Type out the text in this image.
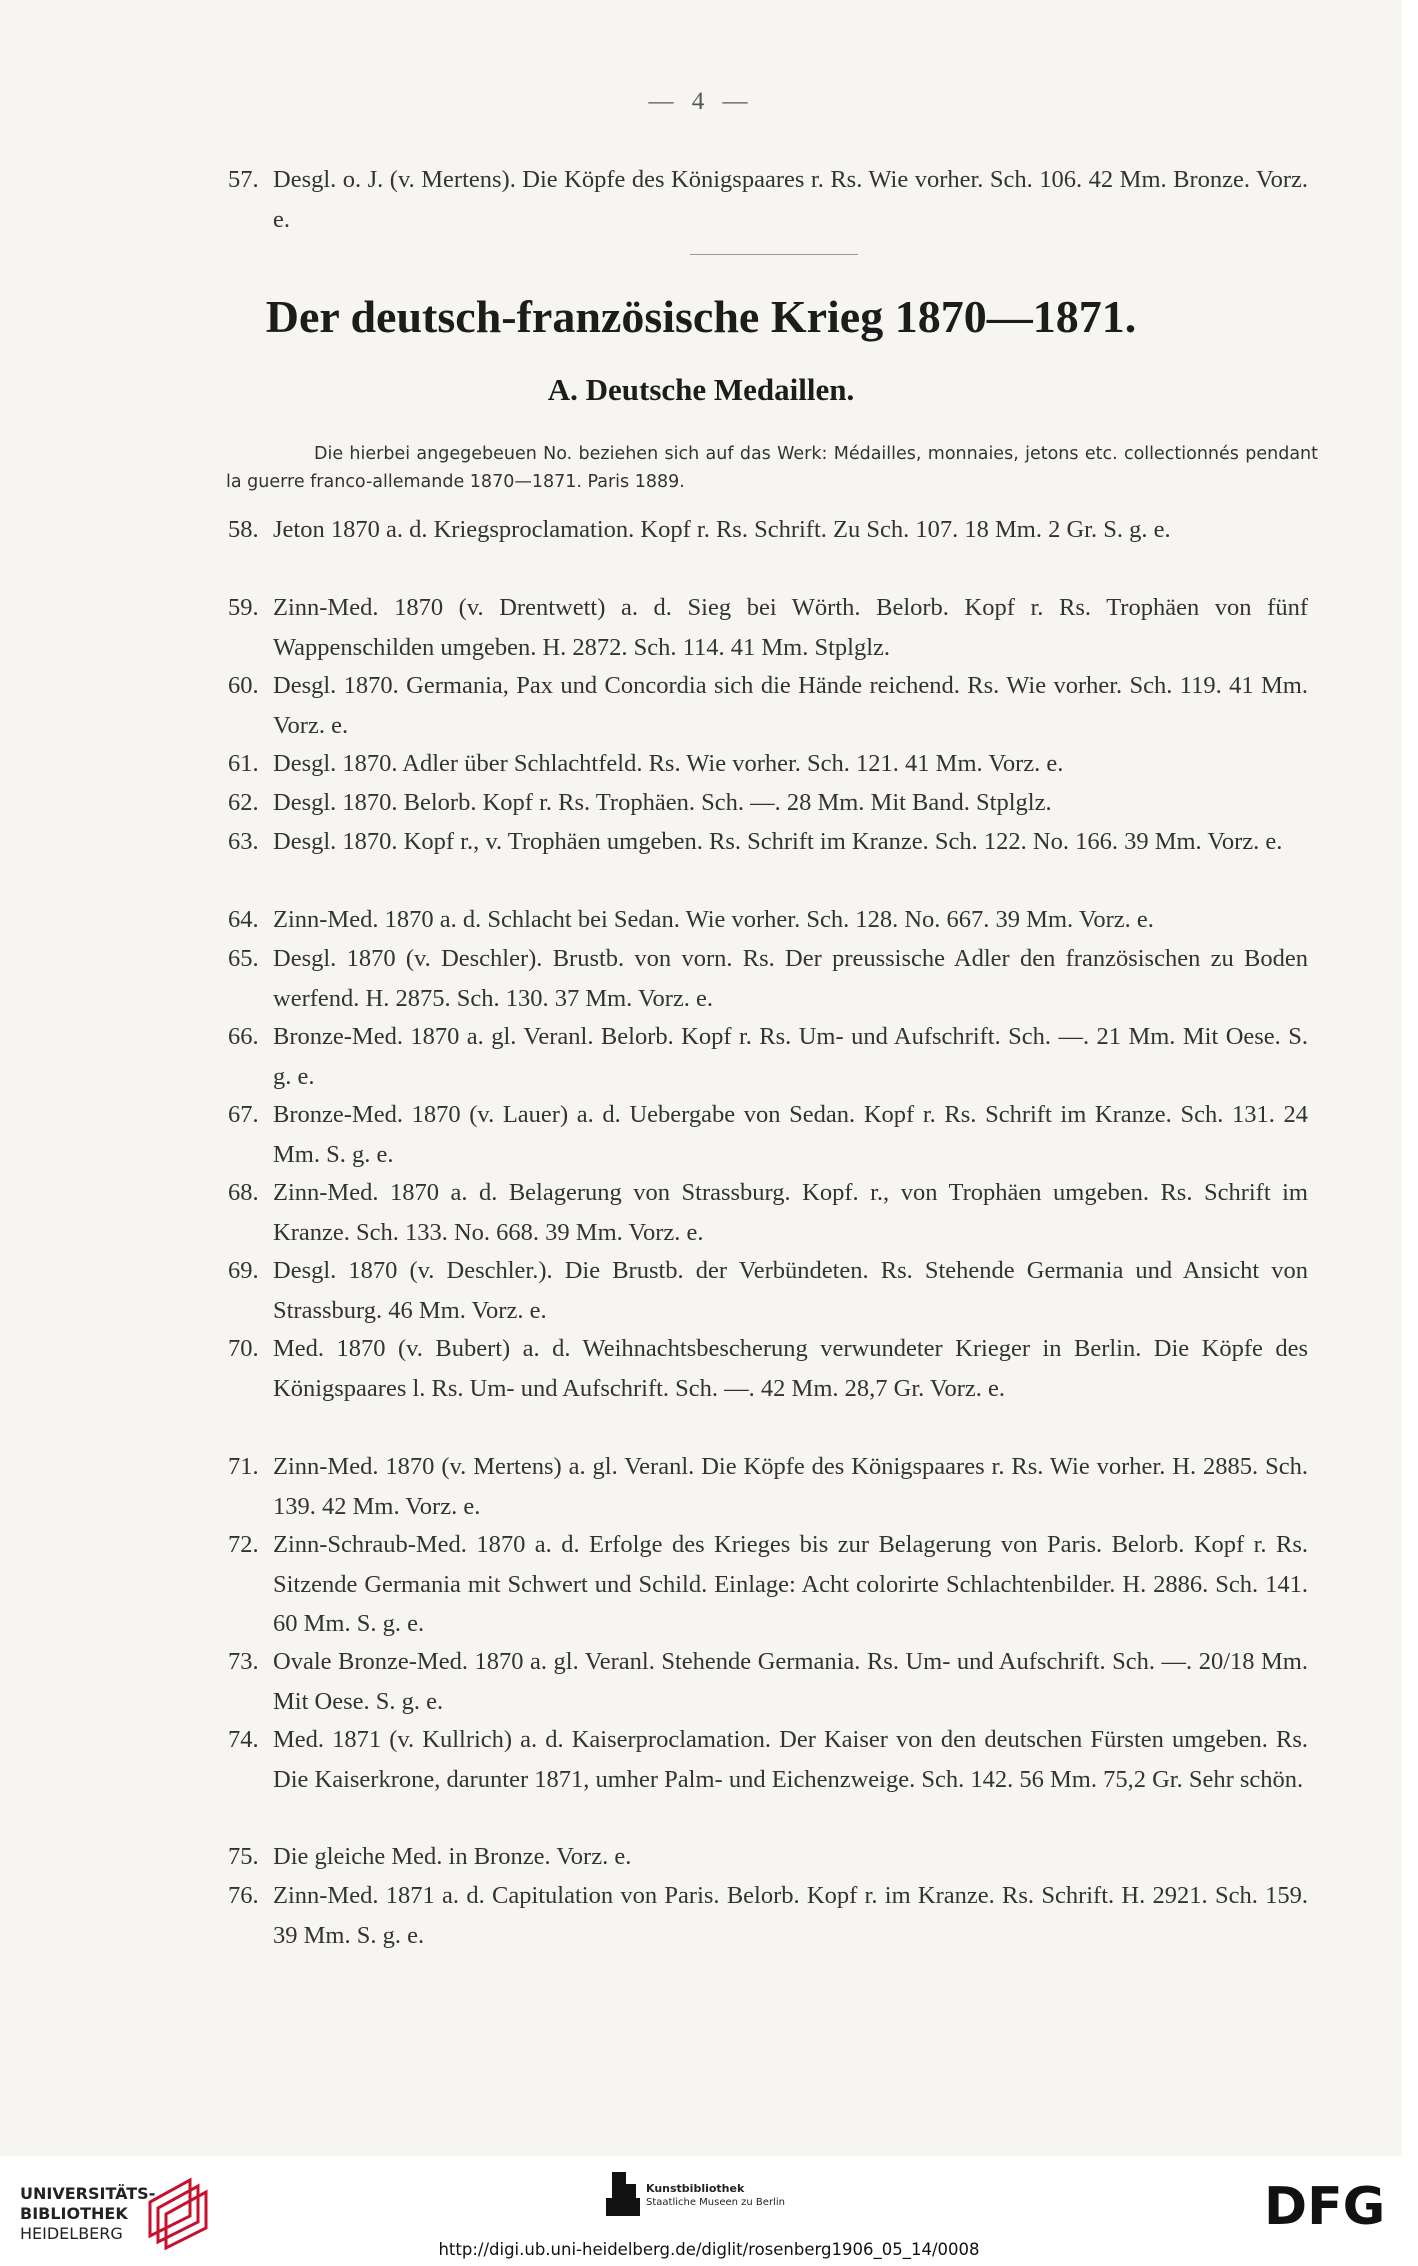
— 4 —
57. Desgl. o. J. (v. Mertens). Die Köpfe des Königspaares r. Rs. Wie vorher. Sch. 106. 42 Mm. Bronze. Vorz. e.
Der deutsch-französische Krieg 1870—1871.
A. Deutsche Medaillen.
Die hierbei angegebeuen No. beziehen sich auf das Werk: Médailles, monnaies, jetons etc. collectionnés pendant la guerre franco-allemande 1870—1871. Paris 1889.
58. Jeton 1870 a. d. Kriegsproclamation. Kopf r. Rs. Schrift. Zu Sch. 107. 18 Mm. 2 Gr. S. g. e.
59. Zinn-Med. 1870 (v. Drentwett) a. d. Sieg bei Wörth. Belorb. Kopf r. Rs. Trophäen von fünf Wappenschilden umgeben. H. 2872. Sch. 114. 41 Mm. Stplglz.
60. Desgl. 1870. Germania, Pax und Concordia sich die Hände reichend. Rs. Wie vorher. Sch. 119. 41 Mm. Vorz. e.
61. Desgl. 1870. Adler über Schlachtfeld. Rs. Wie vorher. Sch. 121. 41 Mm. Vorz. e.
62. Desgl. 1870. Belorb. Kopf r. Rs. Trophäen. Sch. —. 28 Mm. Mit Band. Stplglz.
63. Desgl. 1870. Kopf r., v. Trophäen umgeben. Rs. Schrift im Kranze. Sch. 122. No. 166. 39 Mm. Vorz. e.
64. Zinn-Med. 1870 a. d. Schlacht bei Sedan. Wie vorher. Sch. 128. No. 667. 39 Mm. Vorz. e.
65. Desgl. 1870 (v. Deschler). Brustb. von vorn. Rs. Der preussische Adler den französischen zu Boden werfend. H. 2875. Sch. 130. 37 Mm. Vorz. e.
66. Bronze-Med. 1870 a. gl. Veranl. Belorb. Kopf r. Rs. Um- und Aufschrift. Sch. —. 21 Mm. Mit Oese. S. g. e.
67. Bronze-Med. 1870 (v. Lauer) a. d. Uebergabe von Sedan. Kopf r. Rs. Schrift im Kranze. Sch. 131. 24 Mm. S. g. e.
68. Zinn-Med. 1870 a. d. Belagerung von Strassburg. Kopf. r., von Trophäen umgeben. Rs. Schrift im Kranze. Sch. 133. No. 668. 39 Mm. Vorz. e.
69. Desgl. 1870 (v. Deschler.). Die Brustb. der Verbündeten. Rs. Stehende Germania und Ansicht von Strassburg. 46 Mm. Vorz. e.
70. Med. 1870 (v. Bubert) a. d. Weihnachtsbescherung verwundeter Krieger in Berlin. Die Köpfe des Königspaares l. Rs. Um- und Aufschrift. Sch. —. 42 Mm. 28,7 Gr. Vorz. e.
71. Zinn-Med. 1870 (v. Mertens) a. gl. Veranl. Die Köpfe des Königspaares r. Rs. Wie vorher. H. 2885. Sch. 139. 42 Mm. Vorz. e.
72. Zinn-Schraub-Med. 1870 a. d. Erfolge des Krieges bis zur Belagerung von Paris. Belorb. Kopf r. Rs. Sitzende Germania mit Schwert und Schild. Einlage: Acht colorirte Schlachtenbilder. H. 2886. Sch. 141. 60 Mm. S. g. e.
73. Ovale Bronze-Med. 1870 a. gl. Veranl. Stehende Germania. Rs. Um- und Aufschrift. Sch. —. 20/18 Mm. Mit Oese. S. g. e.
74. Med. 1871 (v. Kullrich) a. d. Kaiserproclamation. Der Kaiser von den deutschen Fürsten umgeben. Rs. Die Kaiserkrone, darunter 1871, umher Palm- und Eichenzweige. Sch. 142. 56 Mm. 75,2 Gr. Sehr schön.
75. Die gleiche Med. in Bronze. Vorz. e.
76. Zinn-Med. 1871 a. d. Capitulation von Paris. Belorb. Kopf r. im Kranze. Rs. Schrift. H. 2921. Sch. 159. 39 Mm. S. g. e.
UNIVERSITÄTS-
BIBLIOTHEK
HEIDELBERG
Kunstbibliothek
Staatliche Museen zu Berlin	DFG
http://digi.ub.uni-heidelberg.de/diglit/rosenberg1906_05_14/0008
